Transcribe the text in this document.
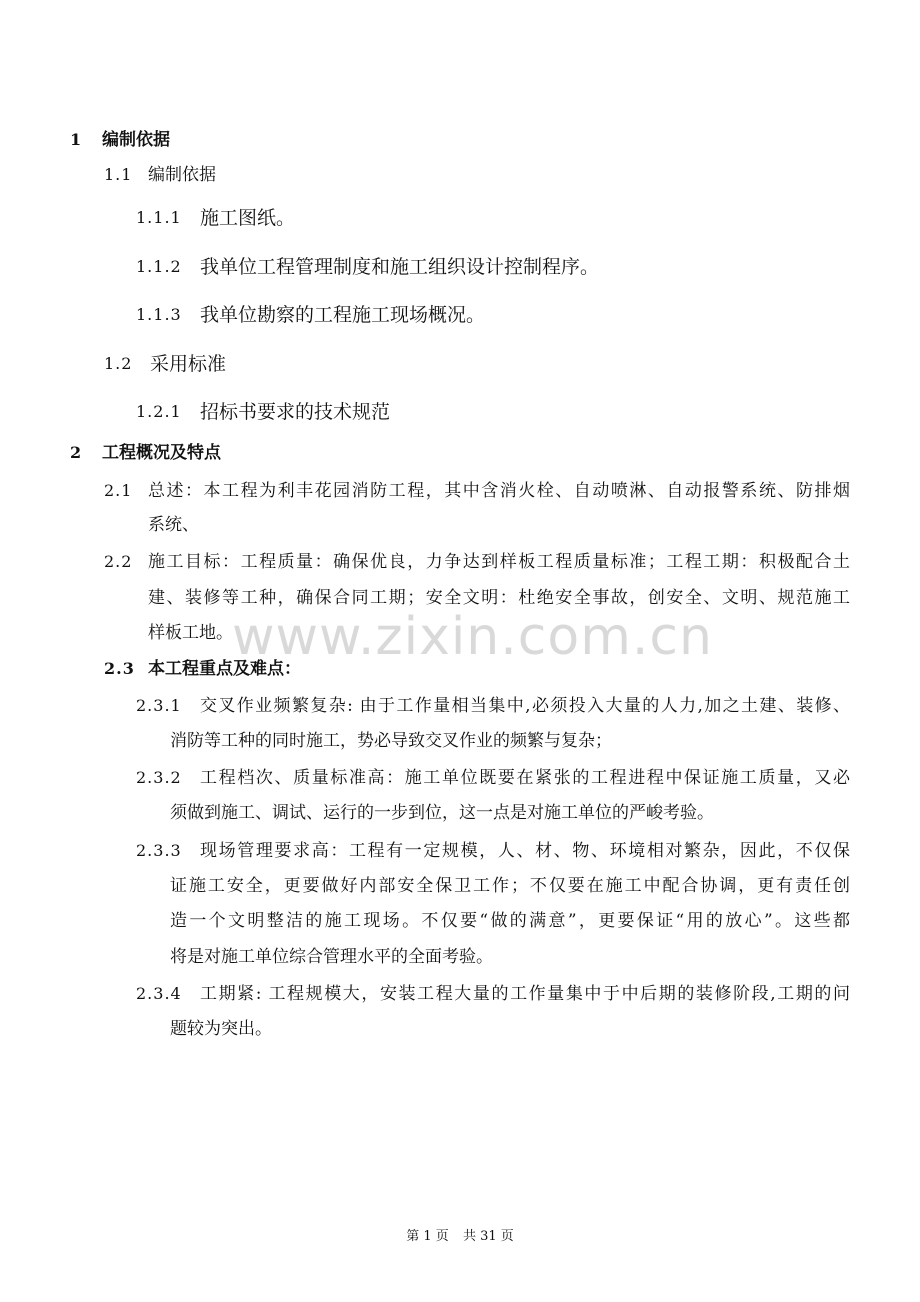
1 编制依据
1.1 编制依据
1.1.1 施工图纸。
1.1.2 我单位工程管理制度和施工组织设计控制程序。
1.1.3 我单位勘察的工程施工现场概况。
1.2 采用标准
1.2.1 招标书要求的技术规范
2 工程概况及特点
2.1 总述：本工程为利丰花园消防工程，其中含消火栓、自动喷淋、自动报警系统、防排烟
系统、
2.2 施工目标：工程质量：确保优良，力争达到样板工程质量标准；工程工期：积极配合土
建、装修等工种，确保合同工期；安全文明：杜绝安全事故，创安全、文明、规范施工
样板工地。
2.3 本工程重点及难点：
2.3.1 交叉作业频繁复杂: 由于工作量相当集中,必须投入大量的人力,加之土建、装修、
消防等工种的同时施工，势必导致交叉作业的频繁与复杂；
2.3.2 工程档次、质量标准高：施工单位既要在紧张的工程进程中保证施工质量，又必
须做到施工、调试、运行的一步到位，这一点是对施工单位的严峻考验。
2.3.3 现场管理要求高：工程有一定规模，人、材、物、环境相对繁杂，因此，不仅保
证施工安全，更要做好内部安全保卫工作；不仅要在施工中配合协调，更有责任创
造一个文明整洁的施工现场。不仅要“做的满意”，更要保证“用的放心”。这些都
将是对施工单位综合管理水平的全面考验。
2.3.4 工期紧: 工程规模大，安装工程大量的工作量集中于中后期的装修阶段,工期的问
题较为突出。
www.zixin.com.cn
第 1 页 共 31 页
